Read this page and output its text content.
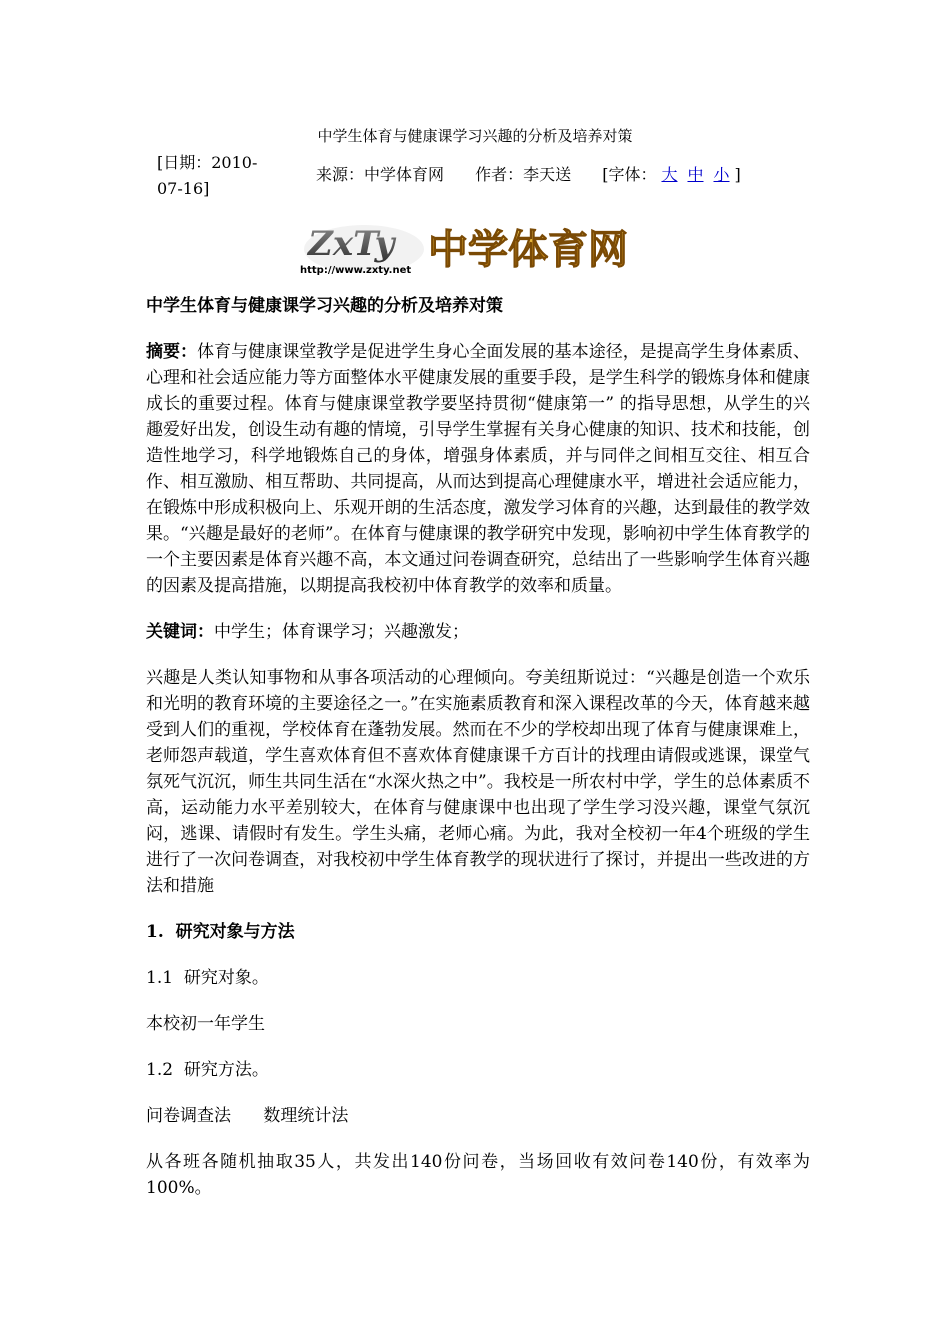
中学生体育与健康课学习兴趣的分析及培养对策
[日期：2010-07-16]
来源：中学体育网 作者：李天送 [字体： 大 中 小 ]
ZxTy
http://www.zxty.net 中学体育网

中学生体育与健康课学习兴趣的分析及培养对策

摘要：体育与健康课堂教学是促进学生身心全面发展的基本途径，是提高学生身体素质、心理和社会适应能力等方面整体水平健康发展的重要手段，是学生科学的锻炼身体和健康成长的重要过程。体育与健康课堂教学要坚持贯彻“健康第一” 的指导思想，从学生的兴趣爱好出发，创设生动有趣的情境，引导学生掌握有关身心健康的知识、技术和技能，创造性地学习，科学地锻炼自己的身体，增强身体素质，并与同伴之间相互交往、相互合作、相互激励、相互帮助、共同提高，从而达到提高心理健康水平，增进社会适应能力，在锻炼中形成积极向上、乐观开朗的生活态度，激发学习体育的兴趣，达到最佳的教学效果。“兴趣是最好的老师”。在体育与健康课的教学研究中发现，影响初中学生体育教学的一个主要因素是体育兴趣不高，本文通过问卷调查研究，总结出了一些影响学生体育兴趣的因素及提高措施，以期提高我校初中体育教学的效率和质量。

关键词：中学生；体育课学习；兴趣激发；

兴趣是人类认知事物和从事各项活动的心理倾向。夸美纽斯说过：“兴趣是创造一个欢乐和光明的教育环境的主要途径之一。”在实施素质教育和深入课程改革的今天，体育越来越受到人们的重视，学校体育在蓬勃发展。然而在不少的学校却出现了体育与健康课难上，老师怨声载道，学生喜欢体育但不喜欢体育健康课千方百计的找理由请假或逃课，课堂气氛死气沉沉，师生共同生活在“水深火热之中”。我校是一所农村中学，学生的总体素质不高，运动能力水平差别较大，在体育与健康课中也出现了学生学习没兴趣，课堂气氛沉闷，逃课、请假时有发生。学生头痛，老师心痛。为此，我对全校初一年4个班级的学生进行了一次问卷调查，对我校初中学生体育教学的现状进行了探讨，并提出一些改进的方法和措施

1.  研究对象与方法

1.1  研究对象。

本校初一年学生

1.2  研究方法。

问卷调查法      数理统计法

从各班各随机抽取35人，共发出140份问卷，当场回收有效问卷140份，有效率为100%。
